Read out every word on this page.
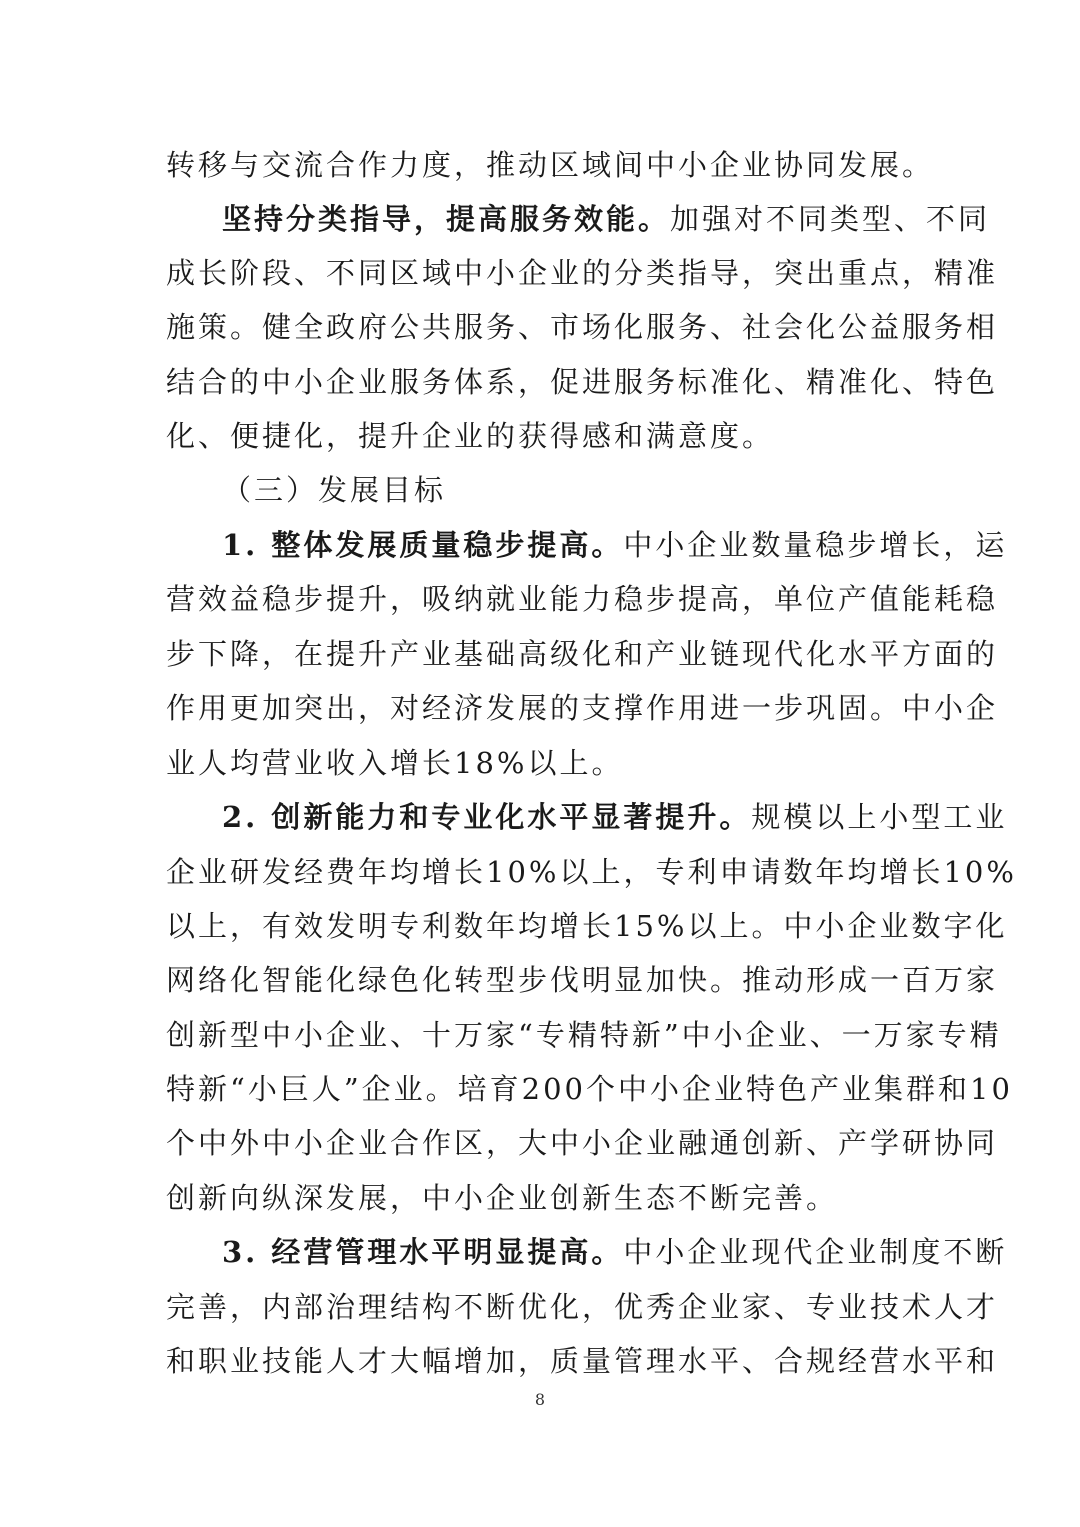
转移与交流合作力度，推动区域间中小企业协同发展。
坚持分类指导，提高服务效能。加强对不同类型、不同
成长阶段、不同区域中小企业的分类指导，突出重点，精准
施策。健全政府公共服务、市场化服务、社会化公益服务相
结合的中小企业服务体系，促进服务标准化、精准化、特色
化、便捷化，提升企业的获得感和满意度。
（三）发展目标
1. 整体发展质量稳步提高。中小企业数量稳步增长，运
营效益稳步提升，吸纳就业能力稳步提高，单位产值能耗稳
步下降，在提升产业基础高级化和产业链现代化水平方面的
作用更加突出，对经济发展的支撑作用进一步巩固。中小企
业人均营业收入增长18%以上。
2. 创新能力和专业化水平显著提升。规模以上小型工业
企业研发经费年均增长10%以上，专利申请数年均增长10%
以上，有效发明专利数年均增长15%以上。中小企业数字化
网络化智能化绿色化转型步伐明显加快。推动形成一百万家
创新型中小企业、十万家“专精特新”中小企业、一万家专精
特新“小巨人”企业。培育200个中小企业特色产业集群和10
个中外中小企业合作区，大中小企业融通创新、产学研协同
创新向纵深发展，中小企业创新生态不断完善。
3. 经营管理水平明显提高。中小企业现代企业制度不断
完善，内部治理结构不断优化，优秀企业家、专业技术人才
和职业技能人才大幅增加，质量管理水平、合规经营水平和
8
